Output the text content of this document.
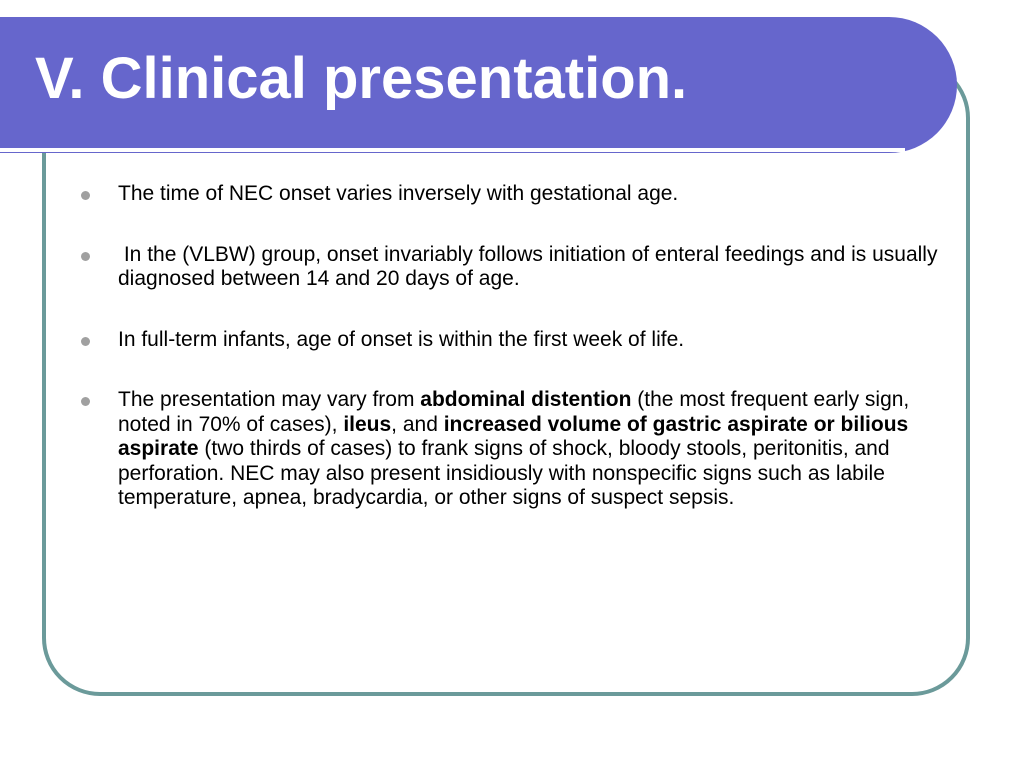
V. Clinical presentation.
The time of NEC onset varies inversely with gestational age.
In the (VLBW) group, onset invariably follows initiation of enteral feedings and is usually diagnosed between 14 and 20 days of age.
In full-term infants, age of onset is within the first week of life.
The presentation may vary from abdominal distention (the most frequent early sign, noted in 70% of cases), ileus, and increased volume of gastric aspirate or bilious aspirate (two thirds of cases) to frank signs of shock, bloody stools, peritonitis, and perforation. NEC may also present insidiously with nonspecific signs such as labile temperature, apnea, bradycardia, or other signs of suspect sepsis.
